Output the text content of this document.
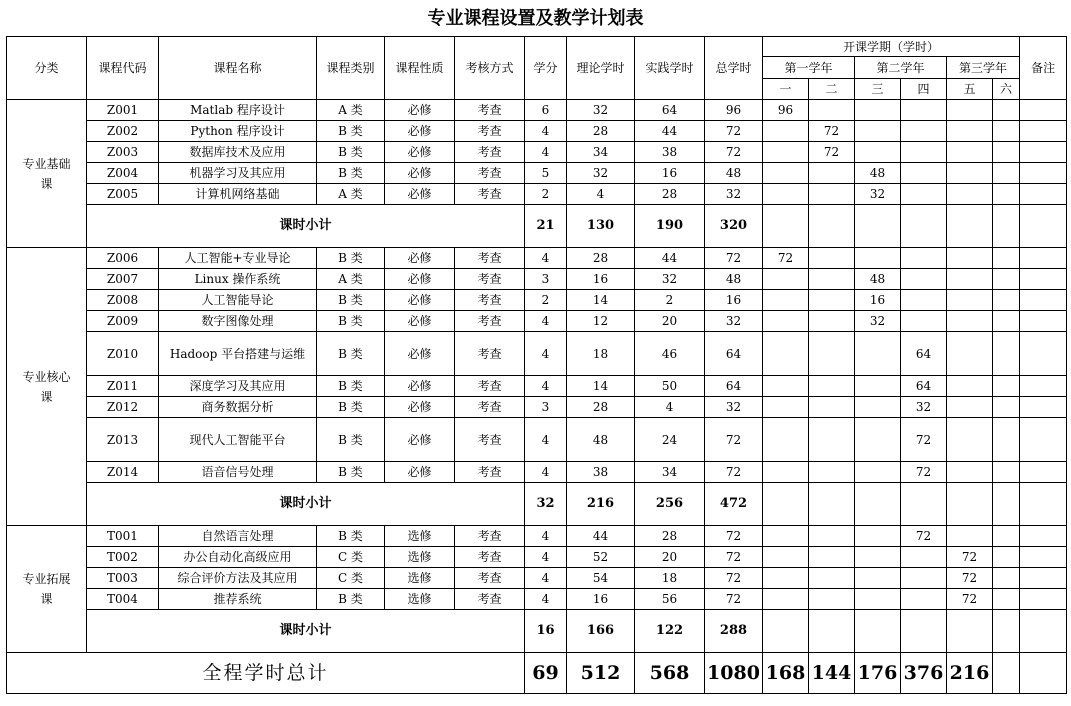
专业课程设置及教学计划表
分类	课程代码	课程名称	课程类别	课程性质	考核方式	学分	理论学时	实践学时	总学时	开课学期（学时）						备注
										第一学年		第二学年		第三学年		
										一	二	三	四	五	六	
专业基础课	Z001	Matlab 程序设计	A 类	必修	考查	6	32	64	96	96						
	Z002	Python 程序设计	B 类	必修	考查	4	28	44	72		72					
	Z003	数据库技术及应用	B 类	必修	考查	4	34	38	72		72					
	Z004	机器学习及其应用	B 类	必修	考查	5	32	16	48			48				
	Z005	计算机网络基础	A 类	必修	考查	2	4	28	32			32				
	课时小计					21	130	190	320							
专业核心课	Z006	人工智能+专业导论	B 类	必修	考查	4	28	44	72	72						
	Z007	Linux 操作系统	A 类	必修	考查	3	16	32	48			48				
	Z008	人工智能导论	B 类	必修	考查	2	14	2	16			16				
	Z009	数字图像处理	B 类	必修	考查	4	12	20	32			32				
	Z010	Hadoop 平台搭建与运维	B 类	必修	考查	4	18	46	64				64			
	Z011	深度学习及其应用	B 类	必修	考查	4	14	50	64				64			
	Z012	商务数据分析	B 类	必修	考查	3	28	4	32				32			
	Z013	现代人工智能平台	B 类	必修	考查	4	48	24	72				72			
	Z014	语音信号处理	B 类	必修	考查	4	38	34	72				72			
	课时小计					32	216	256	472							
专业拓展课	T001	自然语言处理	B 类	选修	考查	4	44	28	72				72			
	T002	办公自动化高级应用	C 类	选修	考查	4	52	20	72					72		
	T003	综合评价方法及其应用	C 类	选修	考查	4	54	18	72					72		
	T004	推荐系统	B 类	选修	考查	4	16	56	72					72		
	课时小计					16	166	122	288							
全程学时总计						69	512	568	1080	168	144	176	376	216		
